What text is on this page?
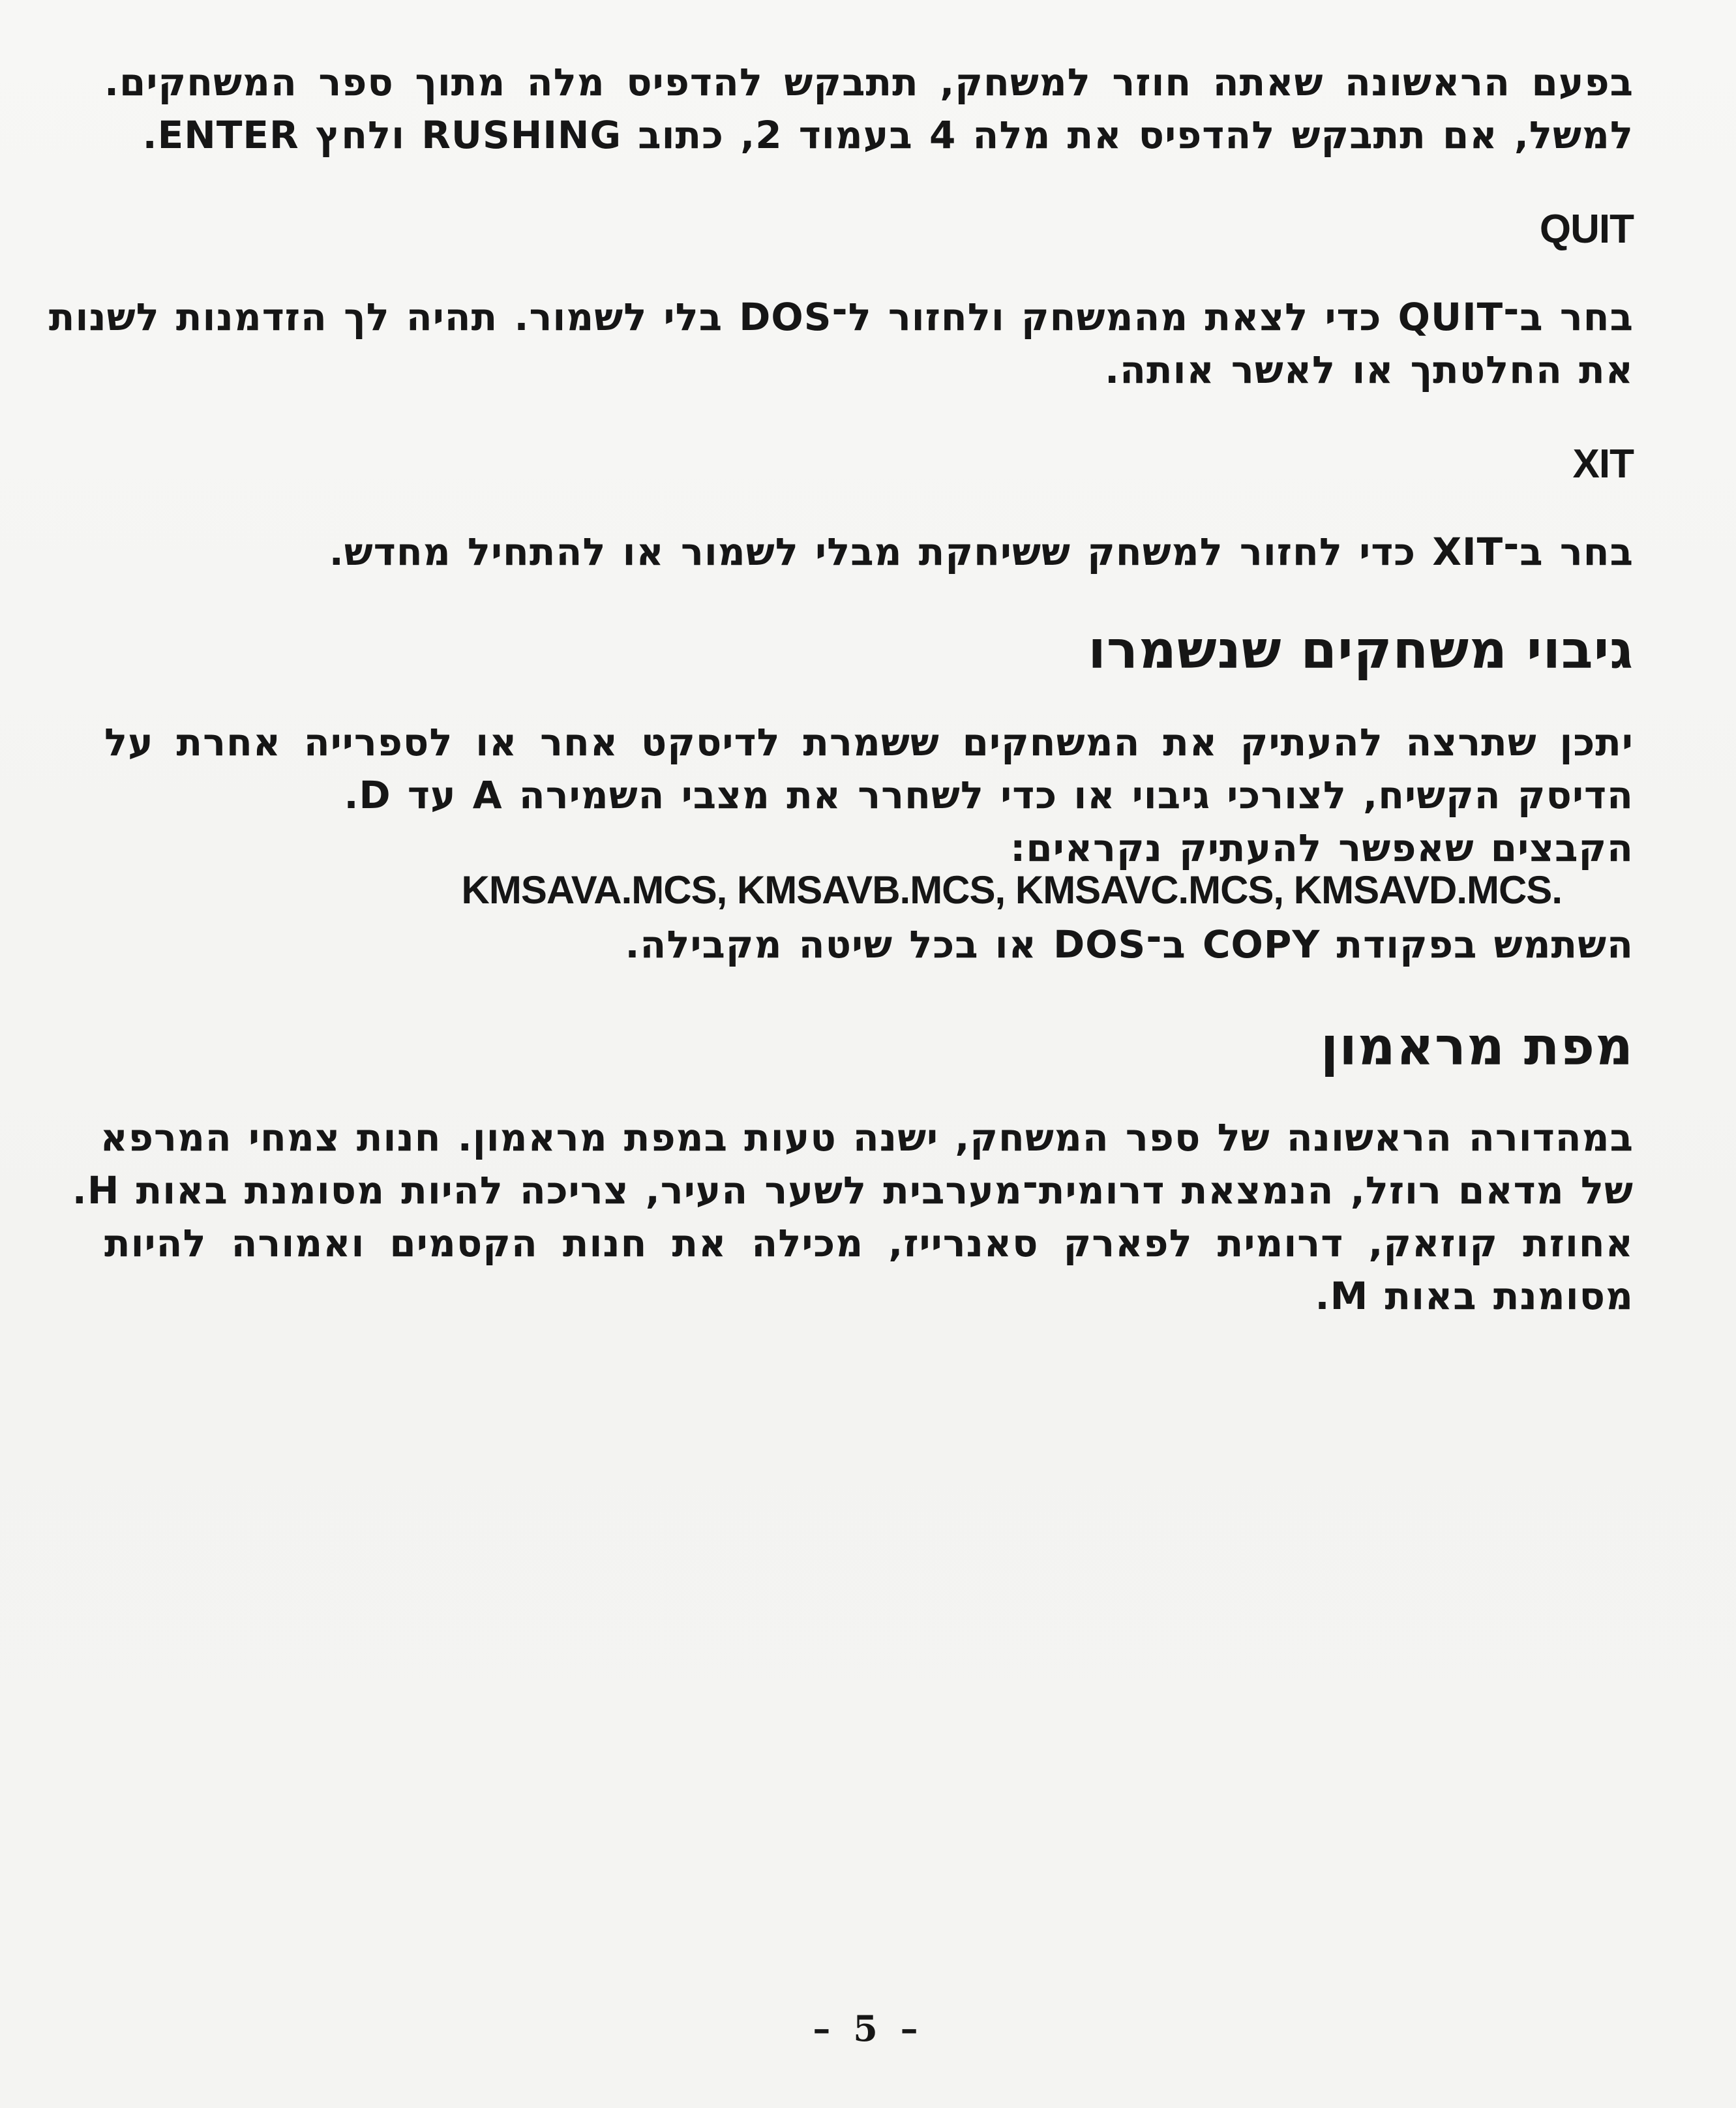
בפעם הראשונה שאתה חוזר למשחק, תתבקש להדפיס מלה מתוך ספר המשחקים.
למשל, אם תתבקש להדפיס את מלה 4 בעמוד 2, כתוב RUSHING ולחץ ENTER.

QUIT

בחר ב־QUIT כדי לצאת מהמשחק ולחזור ל־DOS בלי לשמור. תהיה לך הזדמנות לשנות
את החלטתך או לאשר אותה.

XIT

בחר ב־XIT כדי לחזור למשחק ששיחקת מבלי לשמור או להתחיל מחדש.

גיבוי משחקים שנשמרו

יתכן שתרצה להעתיק את המשחקים ששמרת לדיסקט אחר או לספרייה אחרת על
הדיסק הקשיח, לצורכי גיבוי או כדי לשחרר את מצבי השמירה A עד D.
הקבצים שאפשר להעתיק נקראים:

KMSAVA.MCS, KMSAVB.MCS, KMSAVC.MCS, KMSAVD.MCS.

השתמש בפקודת COPY ב־DOS או בכל שיטה מקבילה.

מפת מראמון

במהדורה הראשונה של ספר המשחק, ישנה טעות במפת מראמון. חנות צמחי המרפא
של מדאם רוזל, הנמצאת דרומית־מערבית לשער העיר, צריכה להיות מסומנת באות H.
אחוזת קוזאק, דרומית לפארק סאנרייז, מכילה את חנות הקסמים ואמורה להיות
מסומנת באות M.

– 5 –
